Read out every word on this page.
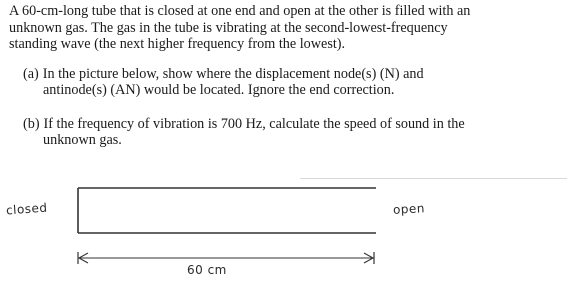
A 60-cm-long tube that is closed at one end and open at the other is filled with an
unknown gas. The gas in the tube is vibrating at the second-lowest-frequency
standing wave (the next higher frequency from the lowest).

(a) In the picture below, show where the displacement node(s) (N) and
antinode(s) (AN) would be located. Ignore the end correction.

(b) If the frequency of vibration is 700 Hz, calculate the speed of sound in the
unknown gas.

closed	open
60 cm
